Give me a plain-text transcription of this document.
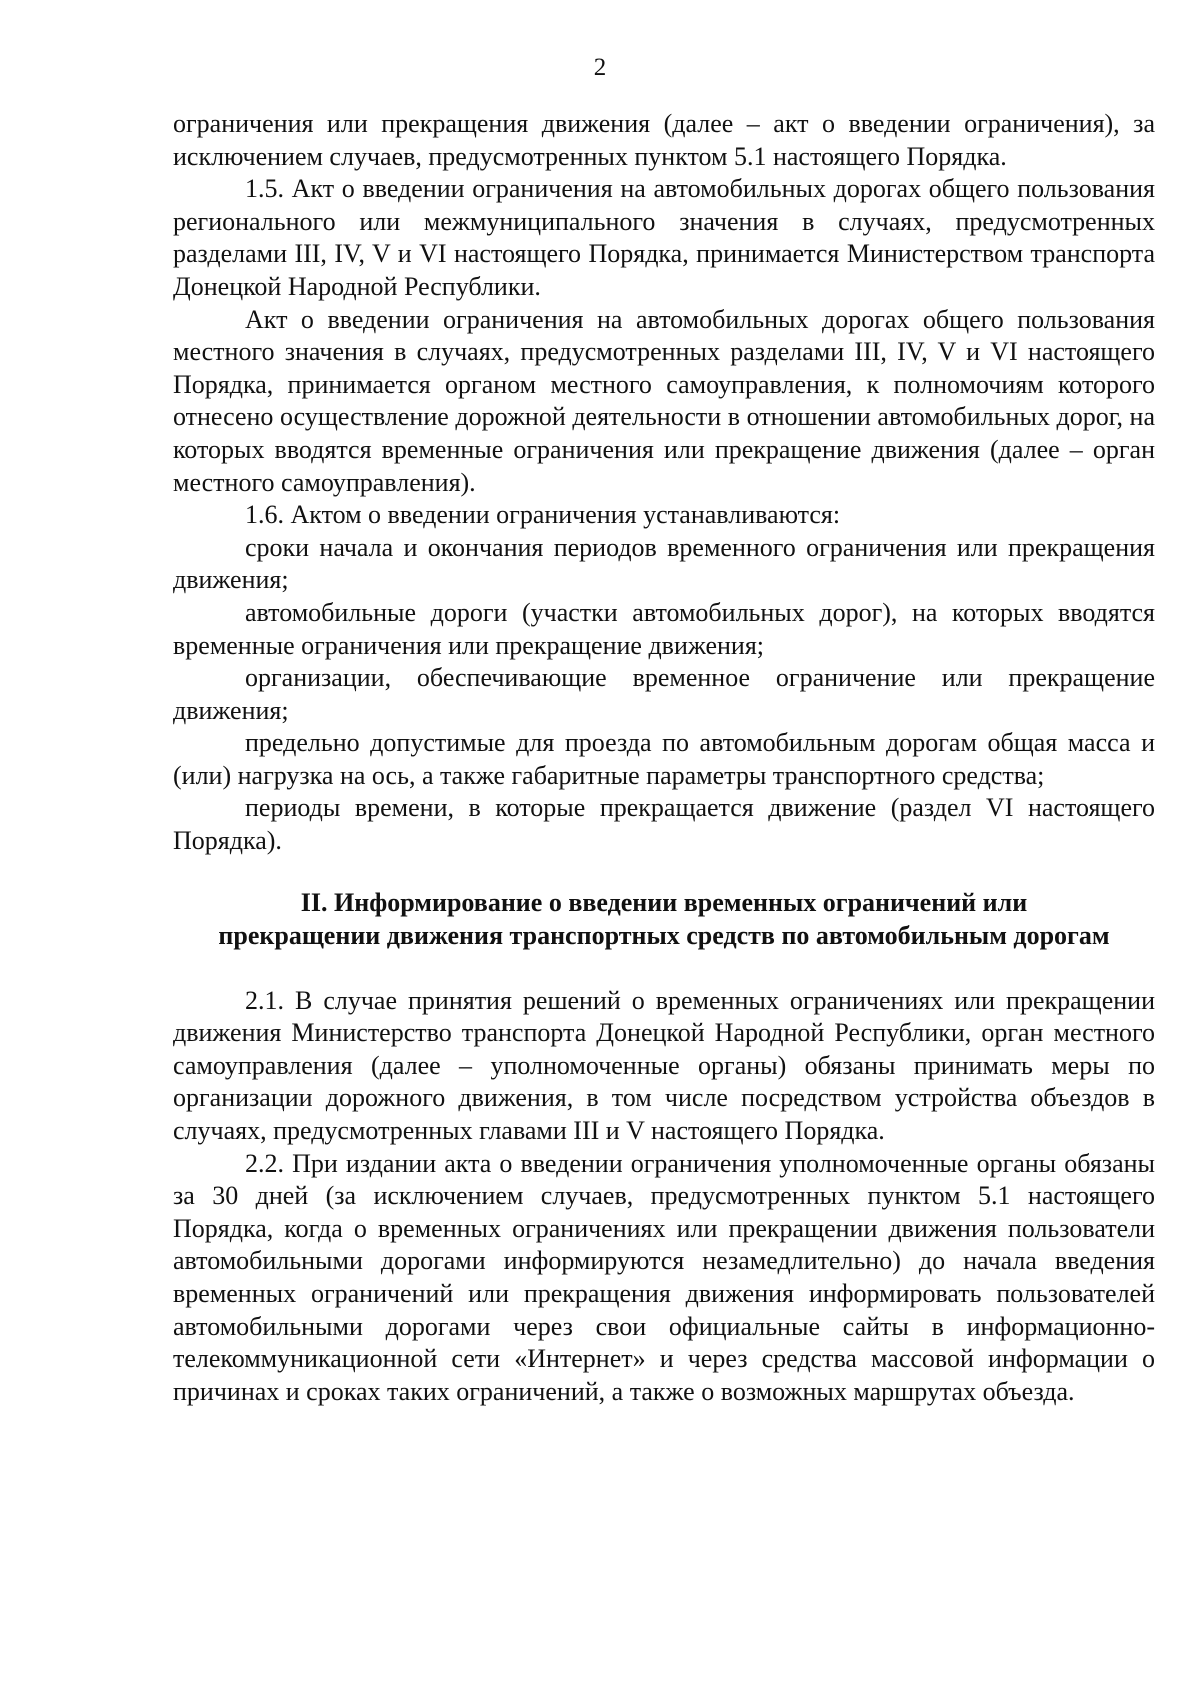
2

ограничения или прекращения движения (далее – акт о введении ограничения), за исключением случаев, предусмотренных пунктом 5.1 настоящего Порядка.

1.5. Акт о введении ограничения на автомобильных дорогах общего пользования регионального или межмуниципального значения в случаях, предусмотренных разделами III, IV, V и VI настоящего Порядка, принимается Министерством транспорта Донецкой Народной Республики.

Акт о введении ограничения на автомобильных дорогах общего пользования местного значения в случаях, предусмотренных разделами III, IV, V и VI настоящего Порядка, принимается органом местного самоуправления, к полномочиям которого отнесено осуществление дорожной деятельности в отношении автомобильных дорог, на которых вводятся временные ограничения или прекращение движения (далее – орган местного самоуправления).

1.6. Актом о введении ограничения устанавливаются:

сроки начала и окончания периодов временного ограничения или прекращения движения;

автомобильные дороги (участки автомобильных дорог), на которых вводятся временные ограничения или прекращение движения;

организации, обеспечивающие временное ограничение или прекращение движения;

предельно допустимые для проезда по автомобильным дорогам общая масса и (или) нагрузка на ось, а также габаритные параметры транспортного средства;

периоды времени, в которые прекращается движение (раздел VI настоящего Порядка).

II. Информирование о введении временных ограничений или
прекращении движения транспортных средств по автомобильным дорогам

2.1. В случае принятия решений о временных ограничениях или прекращении движения Министерство транспорта Донецкой Народной Республики, орган местного самоуправления (далее – уполномоченные органы) обязаны принимать меры по организации дорожного движения, в том числе посредством устройства объездов в случаях, предусмотренных главами III и V настоящего Порядка.

2.2. При издании акта о введении ограничения уполномоченные органы обязаны за 30 дней (за исключением случаев, предусмотренных пунктом 5.1 настоящего Порядка, когда о временных ограничениях или прекращении движения пользователи автомобильными дорогами информируются незамедлительно) до начала введения временных ограничений или прекращения движения информировать пользователей автомобильными дорогами через свои официальные сайты в информационно-телекоммуникационной сети «Интернет» и через средства массовой информации о причинах и сроках таких ограничений, а также о возможных маршрутах объезда.
